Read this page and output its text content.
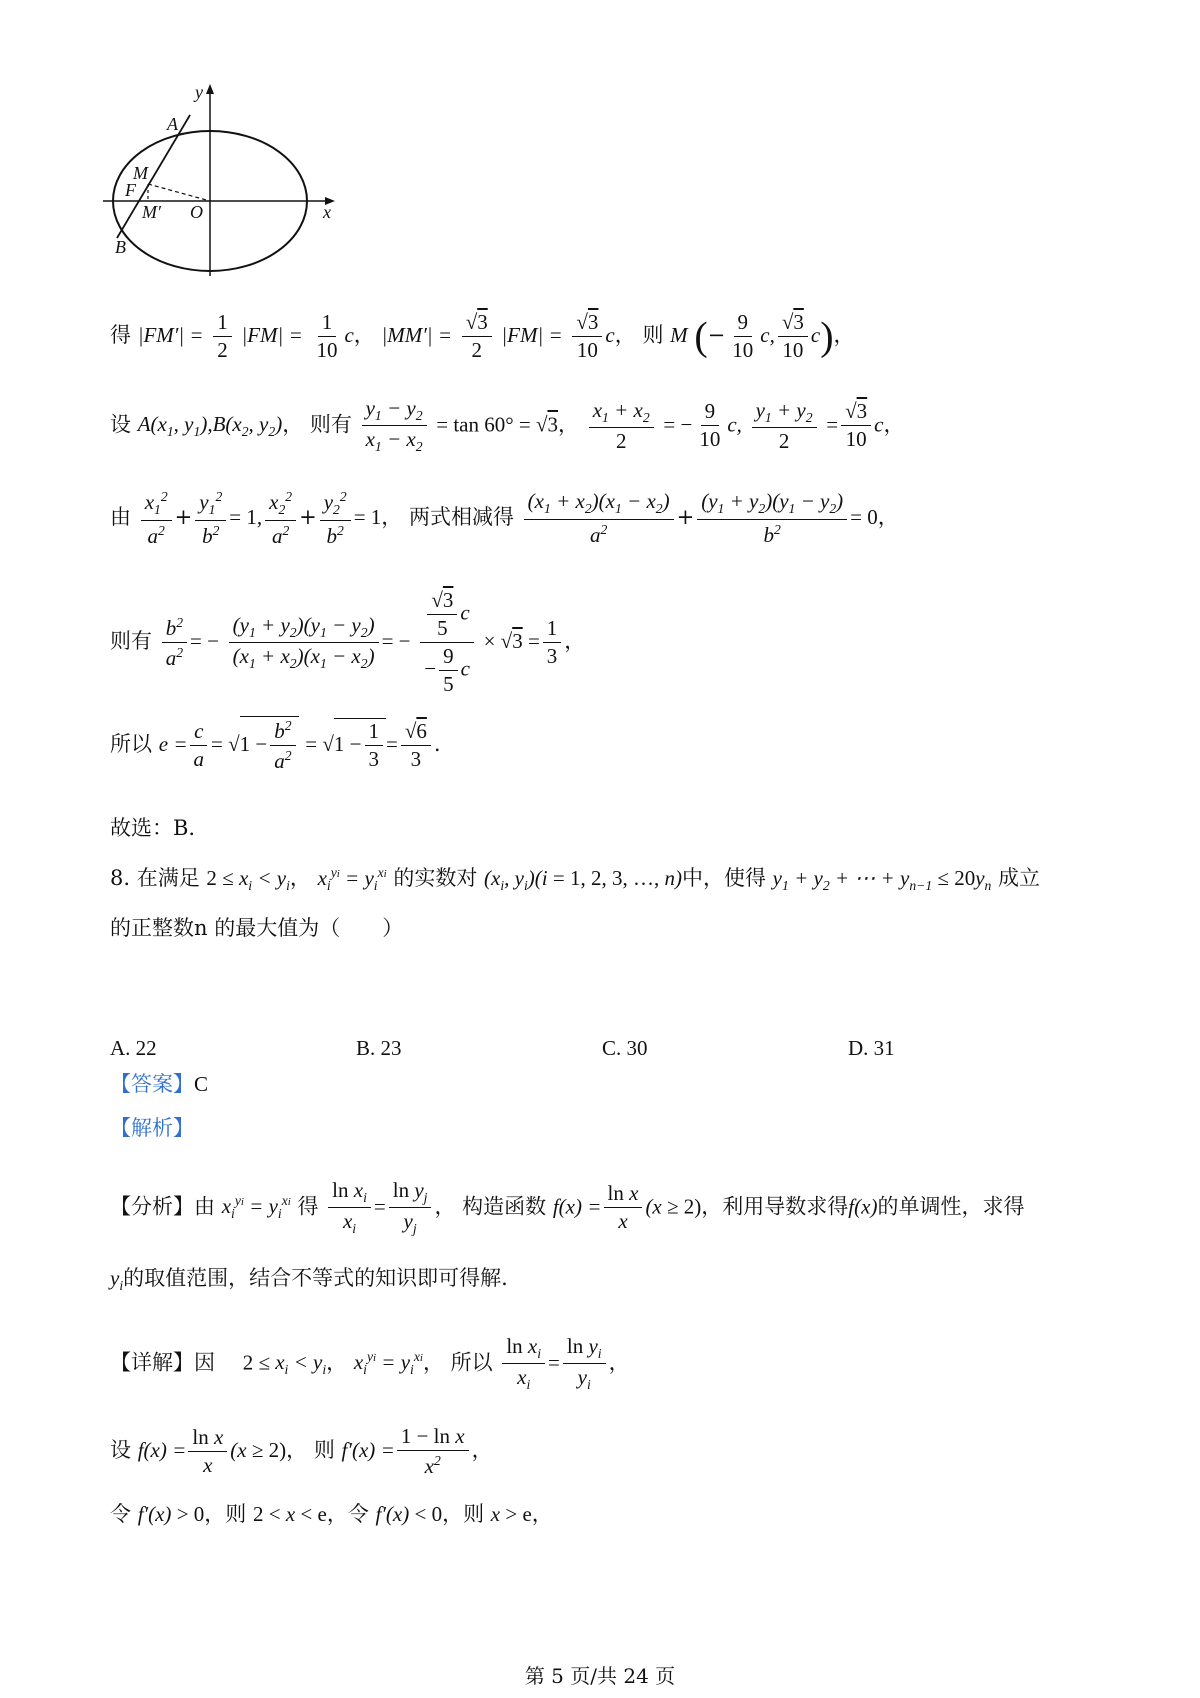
y
x
A
M
F
M′ O
B
得 $|FM'| = \frac{1}{2} |FM| = \frac{1}{10}$ c， $|MM'| = \frac{√3}{2} |FM| = \frac{√3}{10}$ c， 则 M (− $\frac{9}{10} c$, $\frac{√3}{10} c$)，
设 $A(x_1$, $y_1),B(x_2$, $y_2$)， 则有 $\frac{y_1 - y_2}{x_1 - x_2} = \tan 60^\circ = √3$， $\frac{x_1 + x_2}{2}$ = − $\frac{9}{10} c$, $\frac{y_1 + y_2}{2} = \frac{√3}{10}$ c，
由 $\frac{x_1^2}{a^2} + \frac{y_1^2}{b^2} = 1$, $\frac{x_2^2}{a^2} + \frac{y_2^2}{b^2} = 1$， 两式相减得 $\frac{(x_1 + x_2)(x_1 - x_2)}{a^2} + \frac{(y_1 + y_2)(y_1 - y_2)}{b^2} = 0$，
则有 $\frac{b^2}{a^2}$ = − $\frac{(y_1 + y_2)(y_1 - y_2)}{(x_1 + x_2)(x_1 - x_2)}$ = − $\frac{\frac{√3}{5} c}{- \frac{9}{5} c} \times √3 = \frac{1}{3}$ ，
所以 $e = \frac{c}{a} = √1 - \frac{b^2}{a^2} = √1 - \frac{1}{3} = \frac{√6}{3}$ .
故选：B.
8. 在满足 $2 \le x_i < y_i$， $x_i^{yi} = y_i^{xi}$ 的实数对 ($x_i$, $y_i)(i = 1$, 2, 3, …, n)中，使得 $y_1 + y_2$ + ⋯ + $y_{n-1} \le 20y_n$ 成立
的正整数n 的最大值为（　　）
A. 22	B. 23	C. 30	D. 31
【答案】C
【解析】
【分析】由 $x_i^{yi} = y_i^{xi}$ 得 $\frac{\ln x_i}{x_i} = \frac{\ln y_j}{y_j}$ ， 构造函数 $f(x) = \frac{\text{ln x}}{x} (x \ge 2)$，利用导数求得f(x)的单调性，求得
$y_i$的取值范围，结合不等式的知识即可得解.
【详解】因 　 $2 \le x_i < y_i$， $x_i^{yi} = y_i^{xi}$， 所以 $\frac{\ln x_i}{x_i} = \frac{\ln y_i}{y_i}$ ，
设 $f(x) = \frac{\text{ln x}}{x} (x \ge 2)$， 则 $f'(x) = \frac{\text{1 − ln x}}{x^2}$ ，
令 f′(x) > 0，则 2 < x < e，令 f′(x) < 0，则 x > e，
第 5 页/共 24 页
